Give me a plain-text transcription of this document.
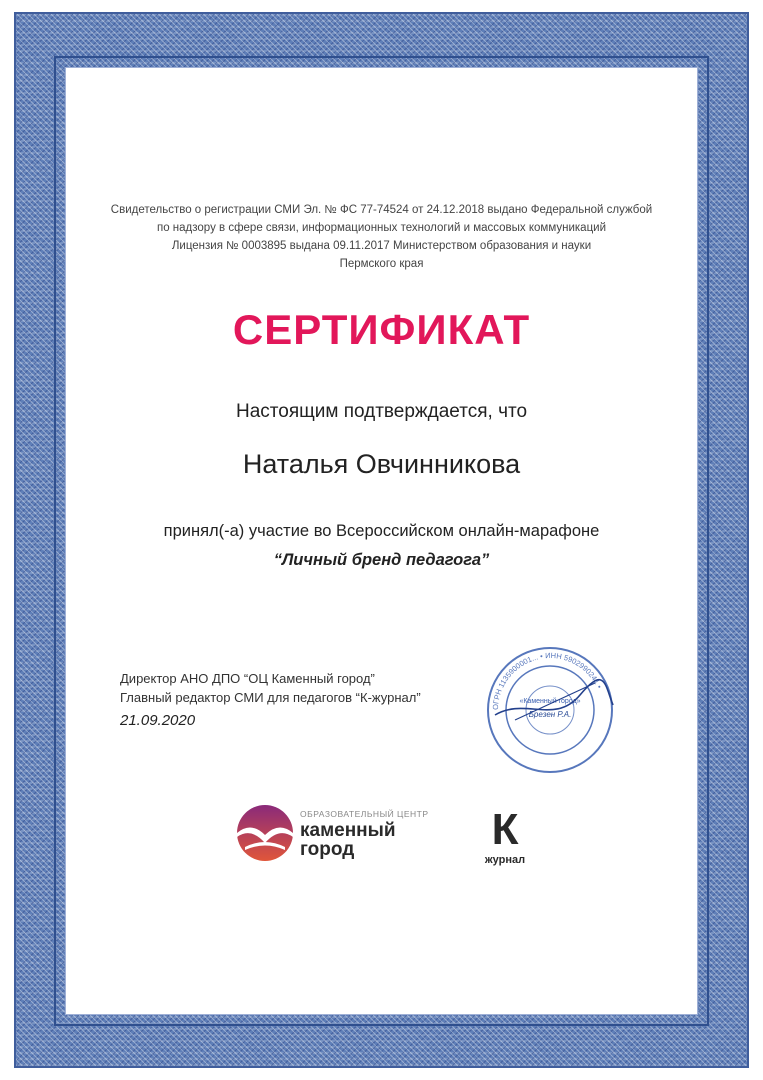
Свидетельство о регистрации СМИ Эл. № ФС 77-74524 от 24.12.2018 выдано Федеральной службой
по надзору в сфере связи, информационных технологий и массовых коммуникаций
Лицензия № 0003895 выдана 09.11.2017 Министерством образования и науки
Пермского края
СЕРТИФИКАТ
Настоящим подтверждается, что
Наталья Овчинникова
принял(-а) участие во Всероссийском онлайн-марафоне
“Личный бренд педагога”
Директор АНО ДПО “ОЦ Каменный город”
Главный редактор СМИ для педагогов “К-журнал”
21.09.2020
ОГРН 1135900001... • ИНН 5902990241 •
«Каменный город»
Брезен Р.А.
ОБРАЗОВАТЕЛЬНЫЙ ЦЕНТР
каменный
город	К
журнал
